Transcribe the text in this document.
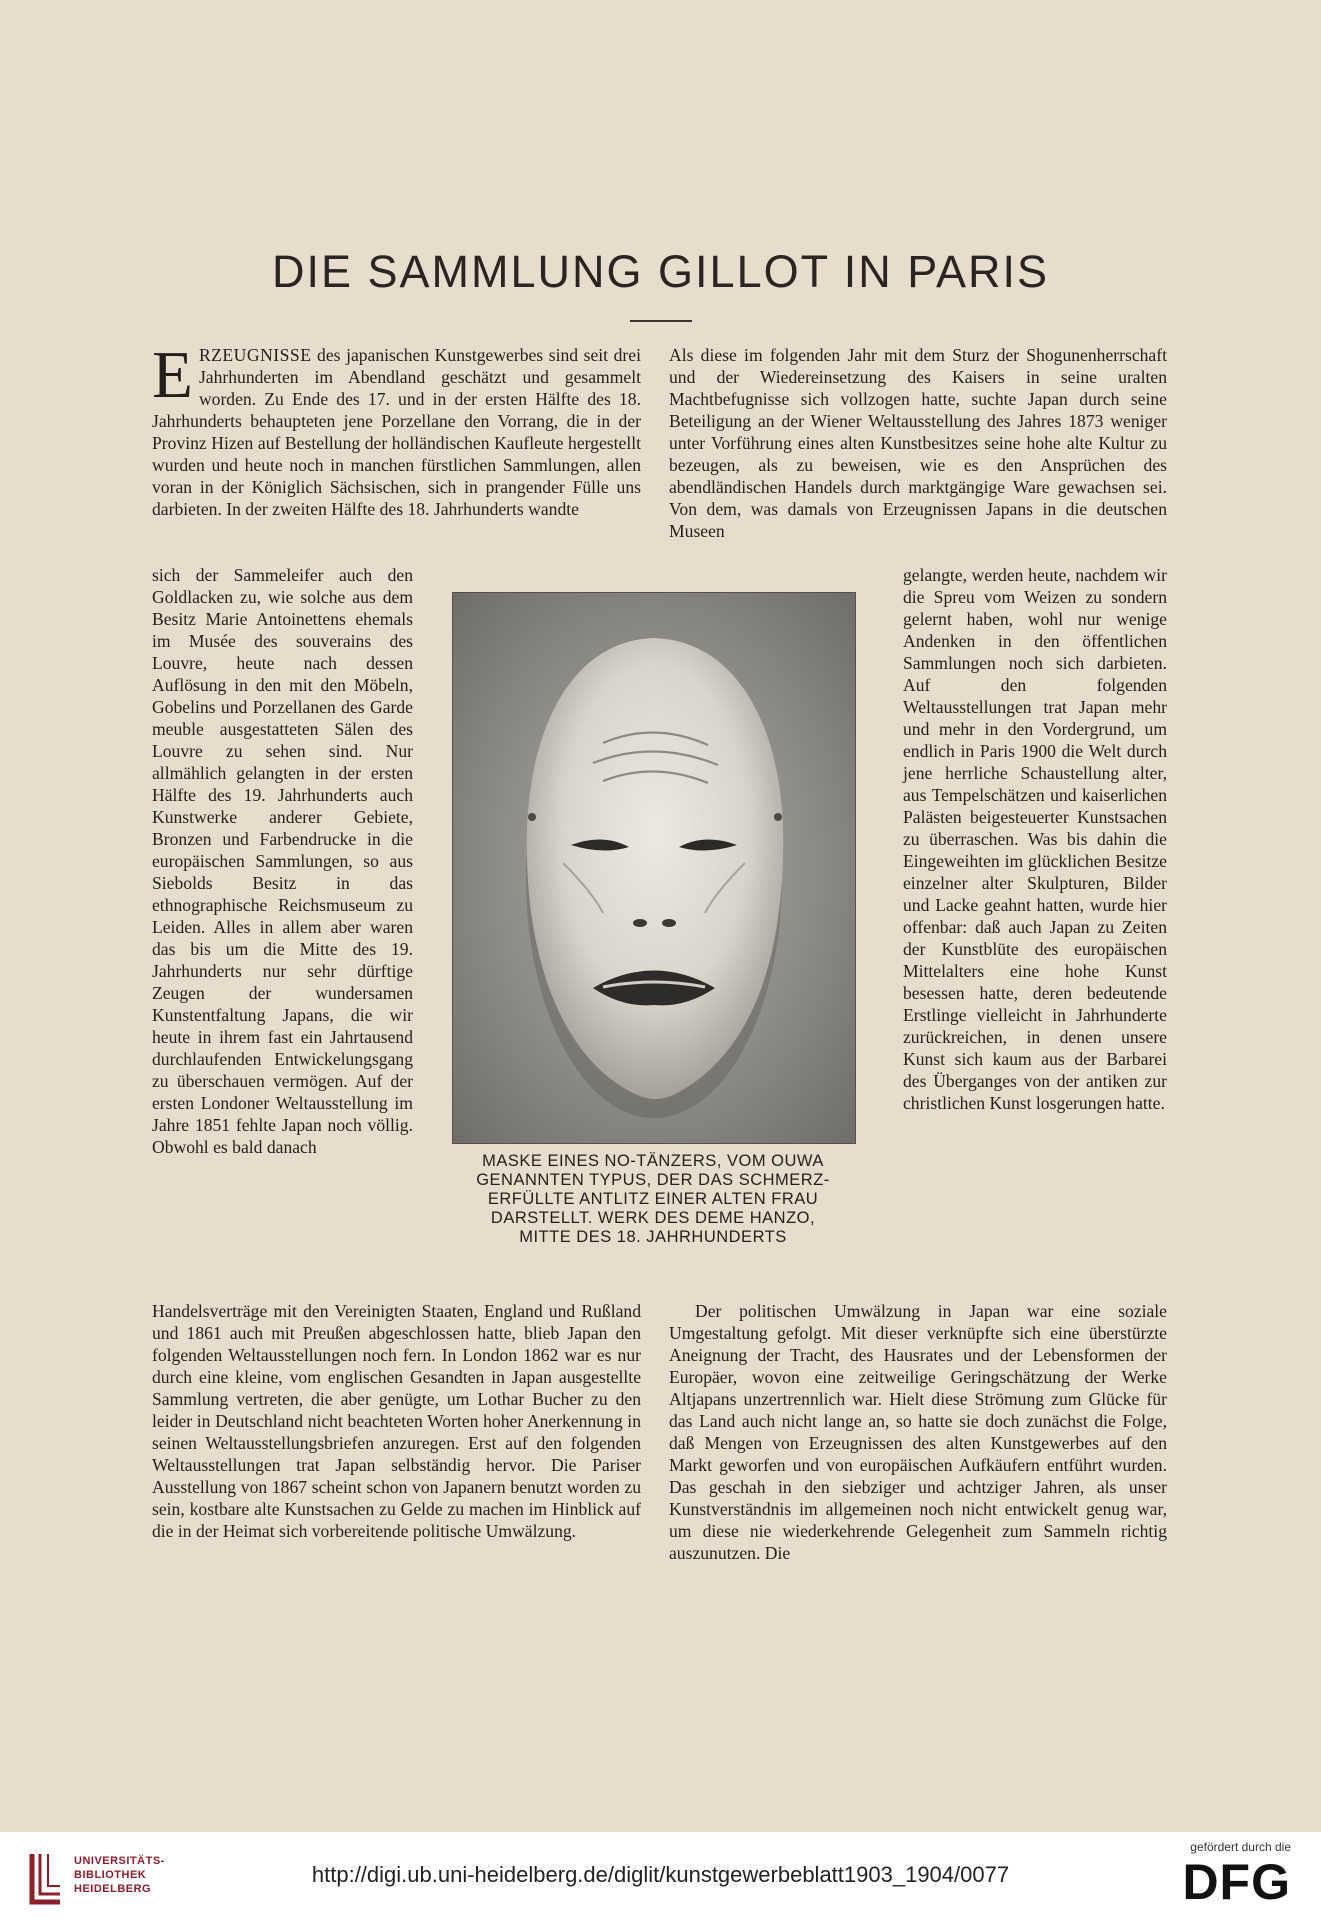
DIE SAMMLUNG GILLOT IN PARIS

ERZEUGNISSE des japanischen Kunstgewerbes sind seit drei Jahrhunderten im Abendland geschätzt und gesammelt worden. Zu Ende des 17. und in der ersten Hälfte des 18. Jahrhunderts behaupteten jene Porzellane den Vorrang, die in der Provinz Hizen auf Bestellung der holländischen Kaufleute hergestellt wurden und heute noch in manchen fürstlichen Sammlungen, allen voran in der Königlich Sächsischen, sich in prangender Fülle uns darbieten. In der zweiten Hälfte des 18. Jahrhunderts wandte

sich der Sammeleifer auch den Goldlacken zu, wie solche aus dem Besitz Marie Antoinettens ehemals im Musée des souverains des Louvre, heute nach dessen Auflösung in den mit den Möbeln, Gobelins und Porzellanen des Garde meuble ausgestatteten Sälen des Louvre zu sehen sind. Nur allmählich gelangten in der ersten Hälfte des 19. Jahrhunderts auch Kunstwerke anderer Gebiete, Bronzen und Farbendrucke in die europäischen Sammlungen, so aus Siebolds Besitz in das ethnographische Reichsmuseum zu Leiden. Alles in allem aber waren das bis um die Mitte des 19. Jahrhunderts nur sehr dürftige Zeugen der wundersamen Kunstentfaltung Japans, die wir heute in ihrem fast ein Jahrtausend durchlaufenden Entwickelungsgang zu überschauen vermögen. Auf der ersten Londoner Weltausstellung im Jahre 1851 fehlte Japan noch völlig. Obwohl es bald danach

Handelsverträge mit den Vereinigten Staaten, England und Rußland und 1861 auch mit Preußen abgeschlossen hatte, blieb Japan den folgenden Weltausstellungen noch fern. In London 1862 war es nur durch eine kleine, vom englischen Gesandten in Japan ausgestellte Sammlung vertreten, die aber genügte, um Lothar Bucher zu den leider in Deutschland nicht beachteten Worten hoher Anerkennung in seinen Weltausstellungsbriefen anzuregen. Erst auf den folgenden Weltausstellungen trat Japan selbständig hervor. Die Pariser Ausstellung von 1867 scheint schon von Japanern benutzt worden zu sein, kostbare alte Kunstsachen zu Gelde zu machen im Hinblick auf die in der Heimat sich vorbereitende politische Umwälzung.

Als diese im folgenden Jahr mit dem Sturz der Shogunenherrschaft und der Wiedereinsetzung des Kaisers in seine uralten Machtbefugnisse sich vollzogen hatte, suchte Japan durch seine Beteiligung an der Wiener Weltausstellung des Jahres 1873 weniger unter Vorführung eines alten Kunstbesitzes seine hohe alte Kultur zu bezeugen, als zu beweisen, wie es den Ansprüchen des abendländischen Handels durch marktgängige Ware gewachsen sei. Von dem, was damals von Erzeugnissen Japans in die deutschen Museen

gelangte, werden heute, nachdem wir die Spreu vom Weizen zu sondern gelernt haben, wohl nur wenige Andenken in den öffentlichen Sammlungen noch sich darbieten. Auf den folgenden Weltausstellungen trat Japan mehr und mehr in den Vordergrund, um endlich in Paris 1900 die Welt durch jene herrliche Schaustellung alter, aus Tempelschätzen und kaiserlichen Palästen beigesteuerter Kunstsachen zu überraschen. Was bis dahin die Eingeweihten im glücklichen Besitze einzelner alter Skulpturen, Bilder und Lacke geahnt hatten, wurde hier offenbar: daß auch Japan zu Zeiten der Kunstblüte des europäischen Mittelalters eine hohe Kunst besessen hatte, deren bedeutende Erstlinge vielleicht in Jahrhunderte zurückreichen, in denen unsere Kunst sich kaum aus der Barbarei des Überganges von der antiken zur christlichen Kunst losgerungen hatte.

Der politischen Umwälzung in Japan war eine soziale Umgestaltung gefolgt. Mit dieser verknüpfte sich eine überstürzte Aneignung der Tracht, des Hausrates und der Lebensformen der Europäer, wovon eine zeitweilige Geringschätzung der Werke Altjapans unzertrennlich war. Hielt diese Strömung zum Glücke für das Land auch nicht lange an, so hatte sie doch zunächst die Folge, daß Mengen von Erzeugnissen des alten Kunstgewerbes auf den Markt geworfen und von europäischen Aufkäufern entführt wurden. Das geschah in den siebziger und achtziger Jahren, als unser Kunstverständnis im allgemeinen noch nicht entwickelt genug war, um diese nie wiederkehrende Gelegenheit zum Sammeln richtig auszunutzen. Die

MASKE EINES NO-TÄNZERS, VOM OUWA
GENANNTEN TYPUS, DER DAS SCHMERZ-
ERFÜLLTE ANTLITZ EINER ALTEN FRAU
DARSTELLT. WERK DES DEME HANZO,
MITTE DES 18. JAHRHUNDERTS
UNIVERSITÄTS-
BIBLIOTHEK
HEIDELBERG
http://digi.ub.uni-heidelberg.de/diglit/kunstgewerbeblatt1903_1904/0077
gefördert durch die
DFG
